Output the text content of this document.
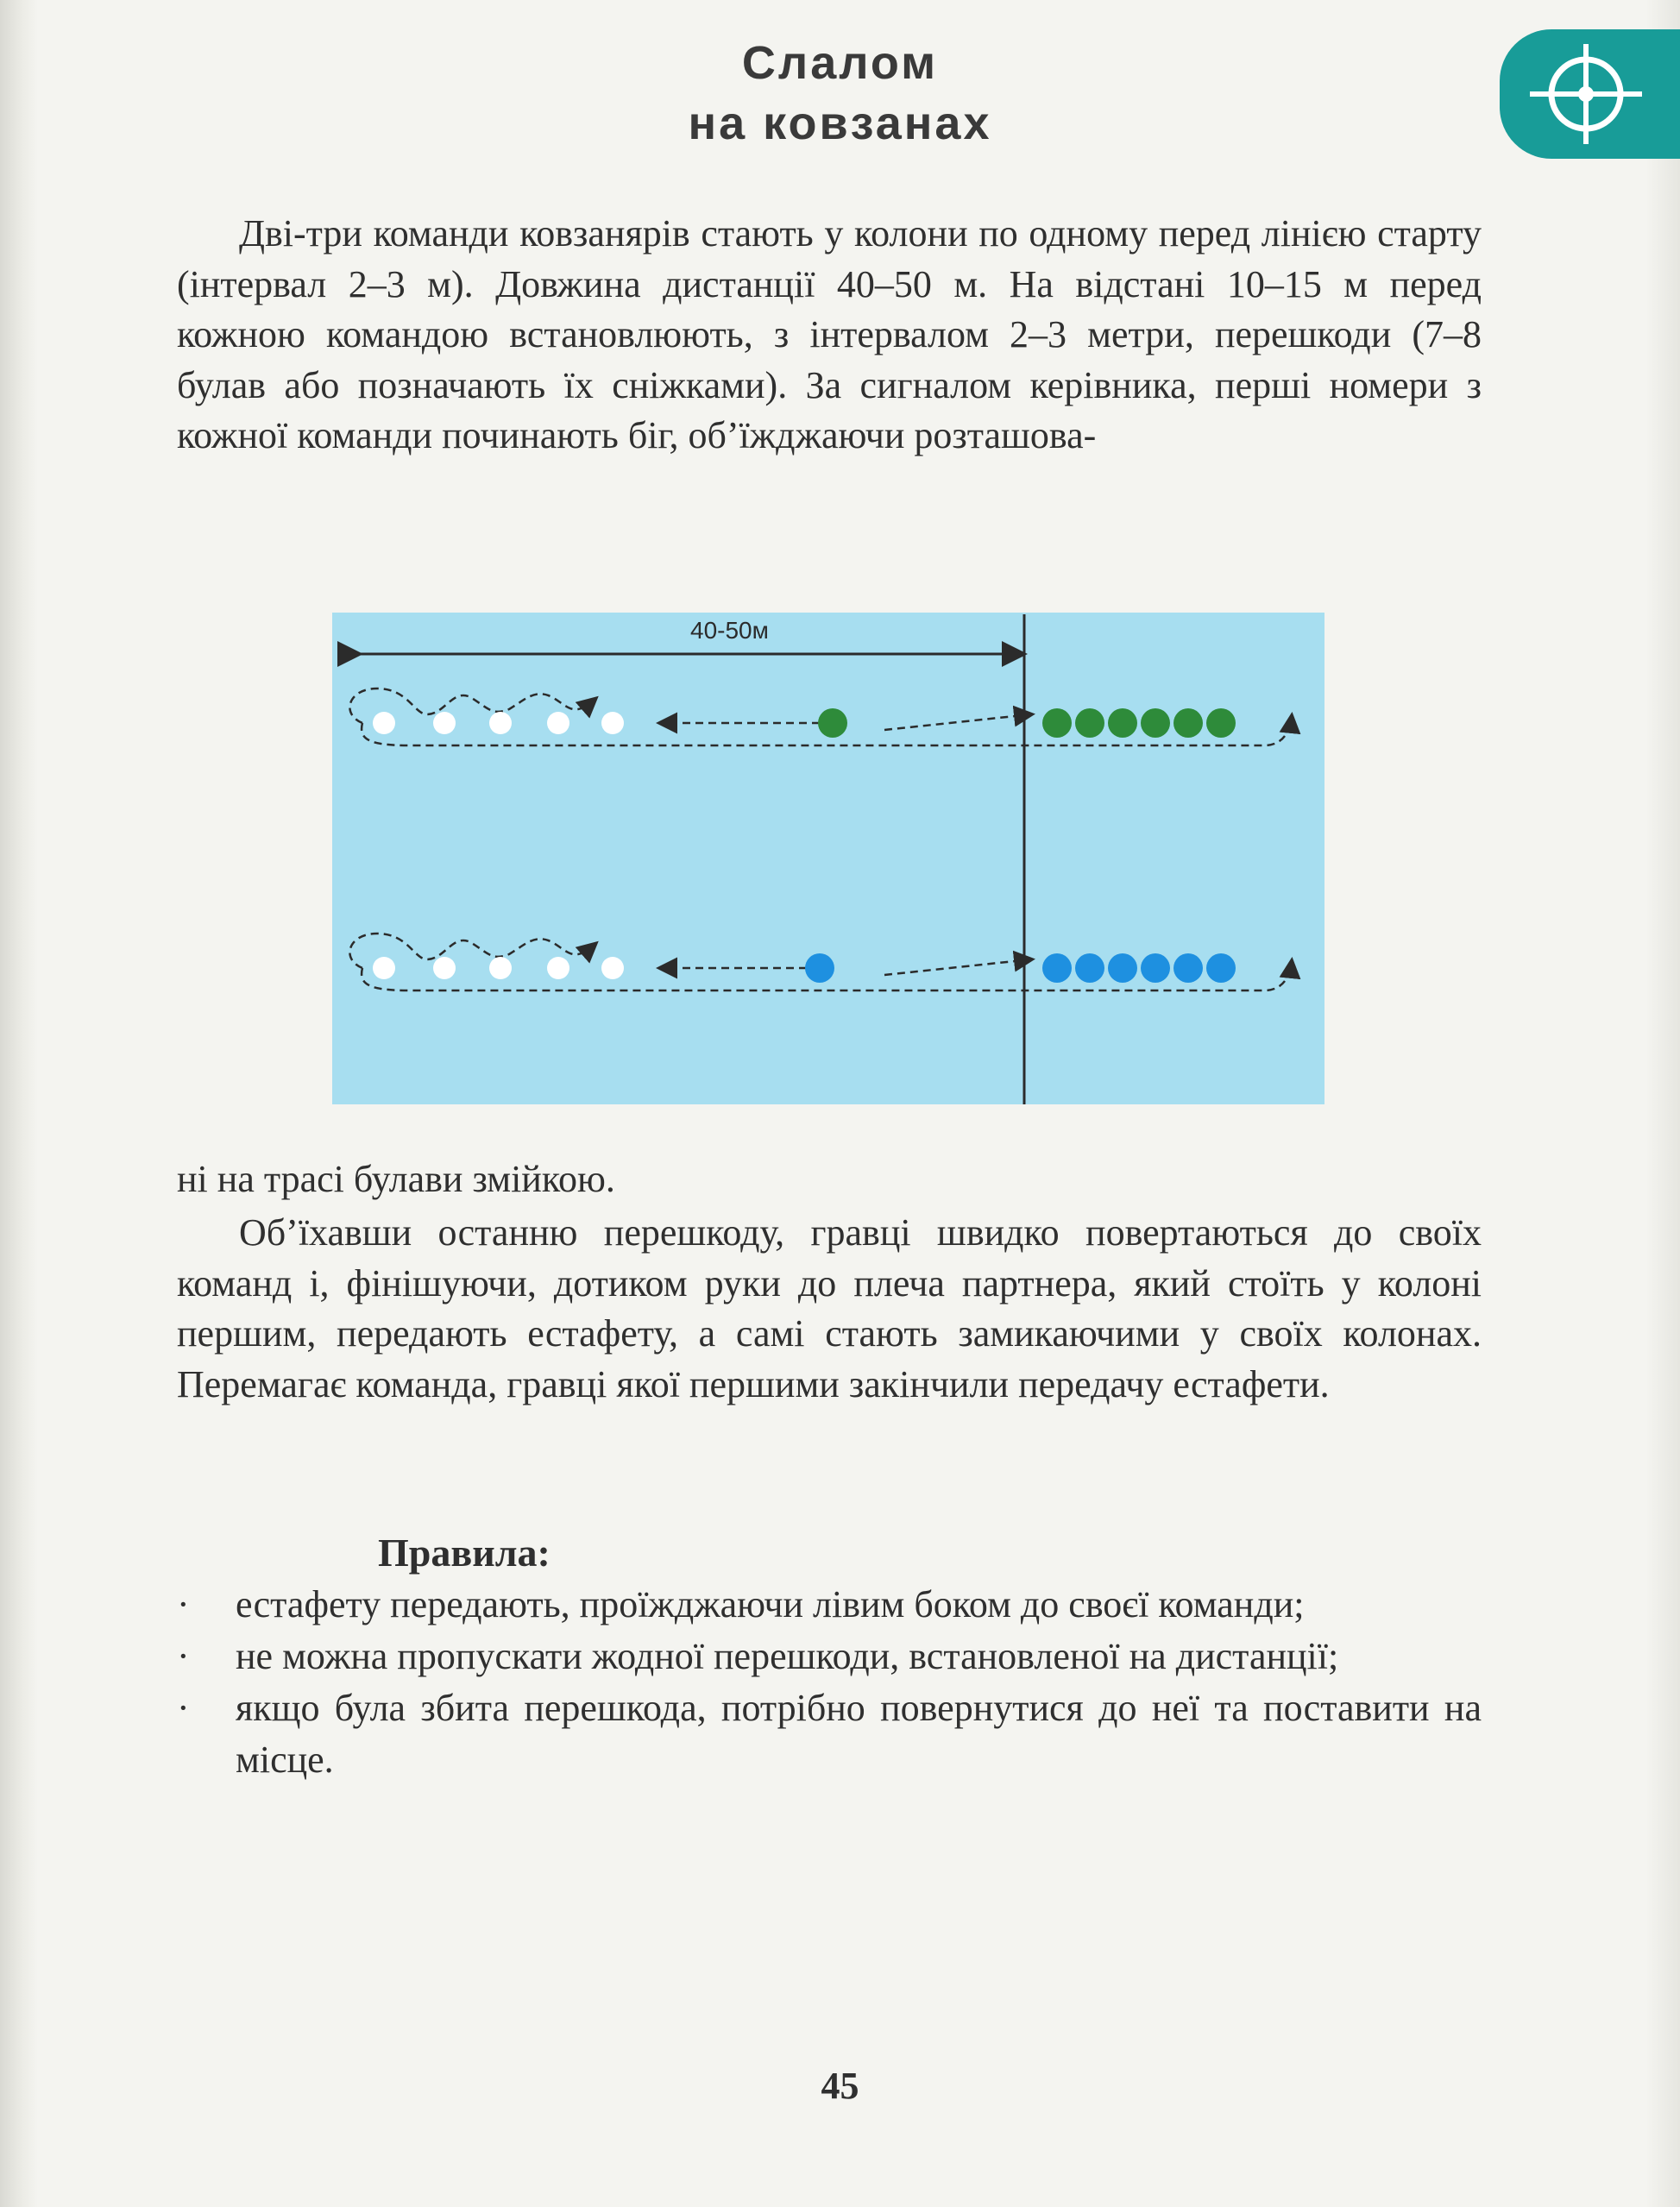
Слалом
на ковзанах

Дві-три команди ковзанярів стають у колони по одному перед лінією старту (інтервал 2–3 м). Довжина дистанції 40–50 м. На відстані 10–15 м перед кожною командою встановлюють, з інтервалом 2–3 метри, перешкоди (7–8 булав або позначають їх сніжками). За сигналом керівника, перші номери з кожної команди починають біг, об’їжджаючи розташова-

40-50м

ні на трасі булави змійкою.

Об’їхавши останню перешкоду, гравці швидко повертаються до своїх команд і, фінішуючи, дотиком руки до плеча партнера, який стоїть у колоні першим, передають естафету, а самі стають замикаючими у своїх колонах. Перемагає команда, гравці якої першими закінчили передачу естафети.

Правила:
· естафету передають, проїжджаючи лівим боком до своєї команди;
· не можна пропускати жодної перешкоди, встановленої на дистанції;
· якщо була збита перешкода, потрібно повернутися до неї та поставити на місце.

45
